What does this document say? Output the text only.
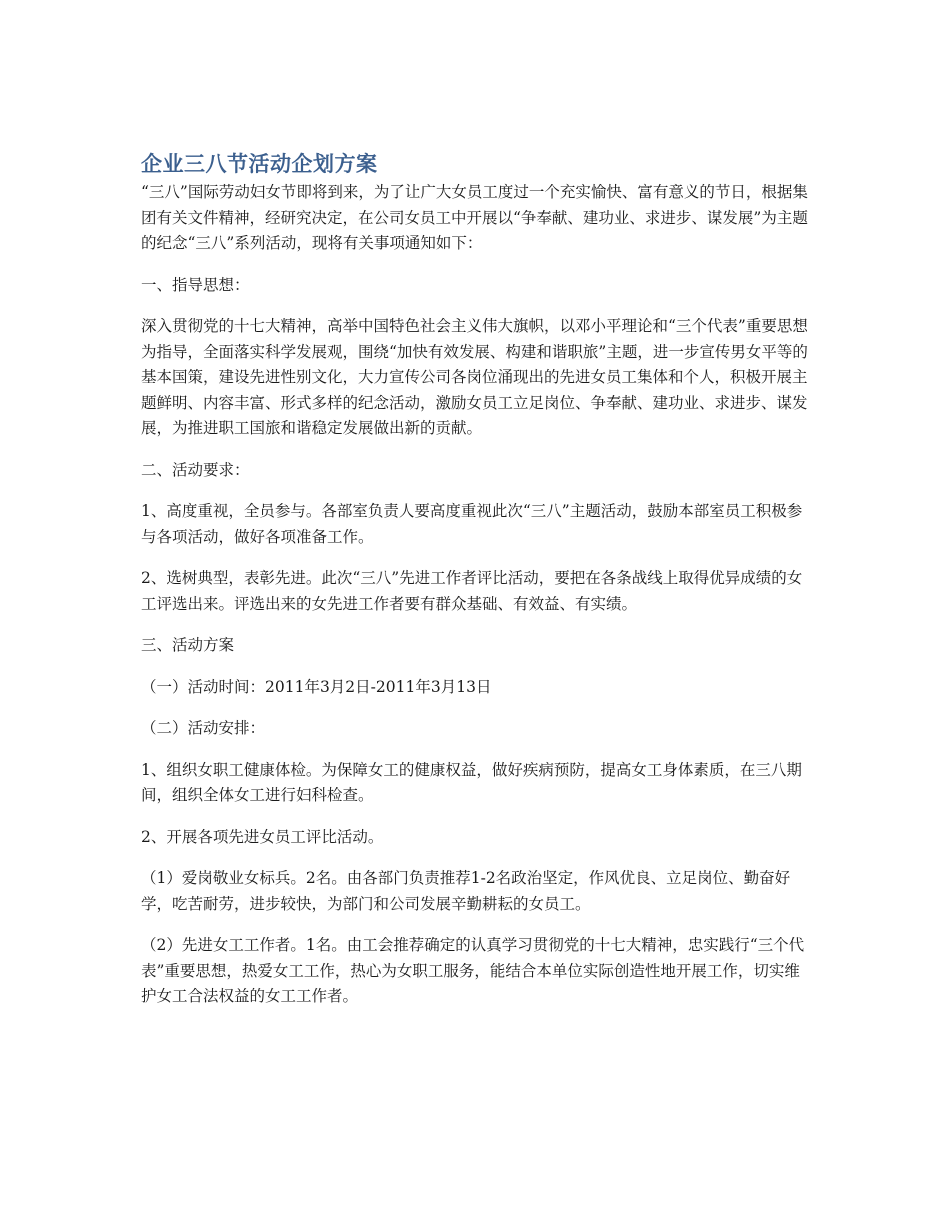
企业三八节活动企划方案

“三八”国际劳动妇女节即将到来，为了让广大女员工度过一个充实愉快、富有意义的节日，根据集团有关文件精神，经研究决定，在公司女员工中开展以“争奉献、建功业、求进步、谋发展”为主题的纪念“三八”系列活动，现将有关事项通知如下：

一、指导思想：

深入贯彻党的十七大精神，高举中国特色社会主义伟大旗帜，以邓小平理论和“三个代表”重要思想为指导，全面落实科学发展观，围绕“加快有效发展、构建和谐职旅”主题，进一步宣传男女平等的基本国策，建设先进性别文化，大力宣传公司各岗位涌现出的先进女员工集体和个人，积极开展主题鲜明、内容丰富、形式多样的纪念活动，激励女员工立足岗位、争奉献、建功业、求进步、谋发展，为推进职工国旅和谐稳定发展做出新的贡献。

二、活动要求：

1、高度重视，全员参与。各部室负责人要高度重视此次“三八”主题活动，鼓励本部室员工积极参与各项活动，做好各项准备工作。

2、选树典型，表彰先进。此次“三八”先进工作者评比活动，要把在各条战线上取得优异成绩的女工评选出来。评选出来的女先进工作者要有群众基础、有效益、有实绩。

三、活动方案

（一）活动时间：2011年3月2日-2011年3月13日

（二）活动安排：

1、组织女职工健康体检。为保障女工的健康权益，做好疾病预防，提高女工身体素质，在三八期间，组织全体女工进行妇科检查。

2、开展各项先进女员工评比活动。

（1）爱岗敬业女标兵。2名。由各部门负责推荐1-2名政治坚定，作风优良、立足岗位、勤奋好学，吃苦耐劳，进步较快，为部门和公司发展辛勤耕耘的女员工。

（2）先进女工工作者。1名。由工会推荐确定的认真学习贯彻党的十七大精神，忠实践行“三个代表”重要思想，热爱女工工作，热心为女职工服务，能结合本单位实际创造性地开展工作，切实维护女工合法权益的女工工作者。
